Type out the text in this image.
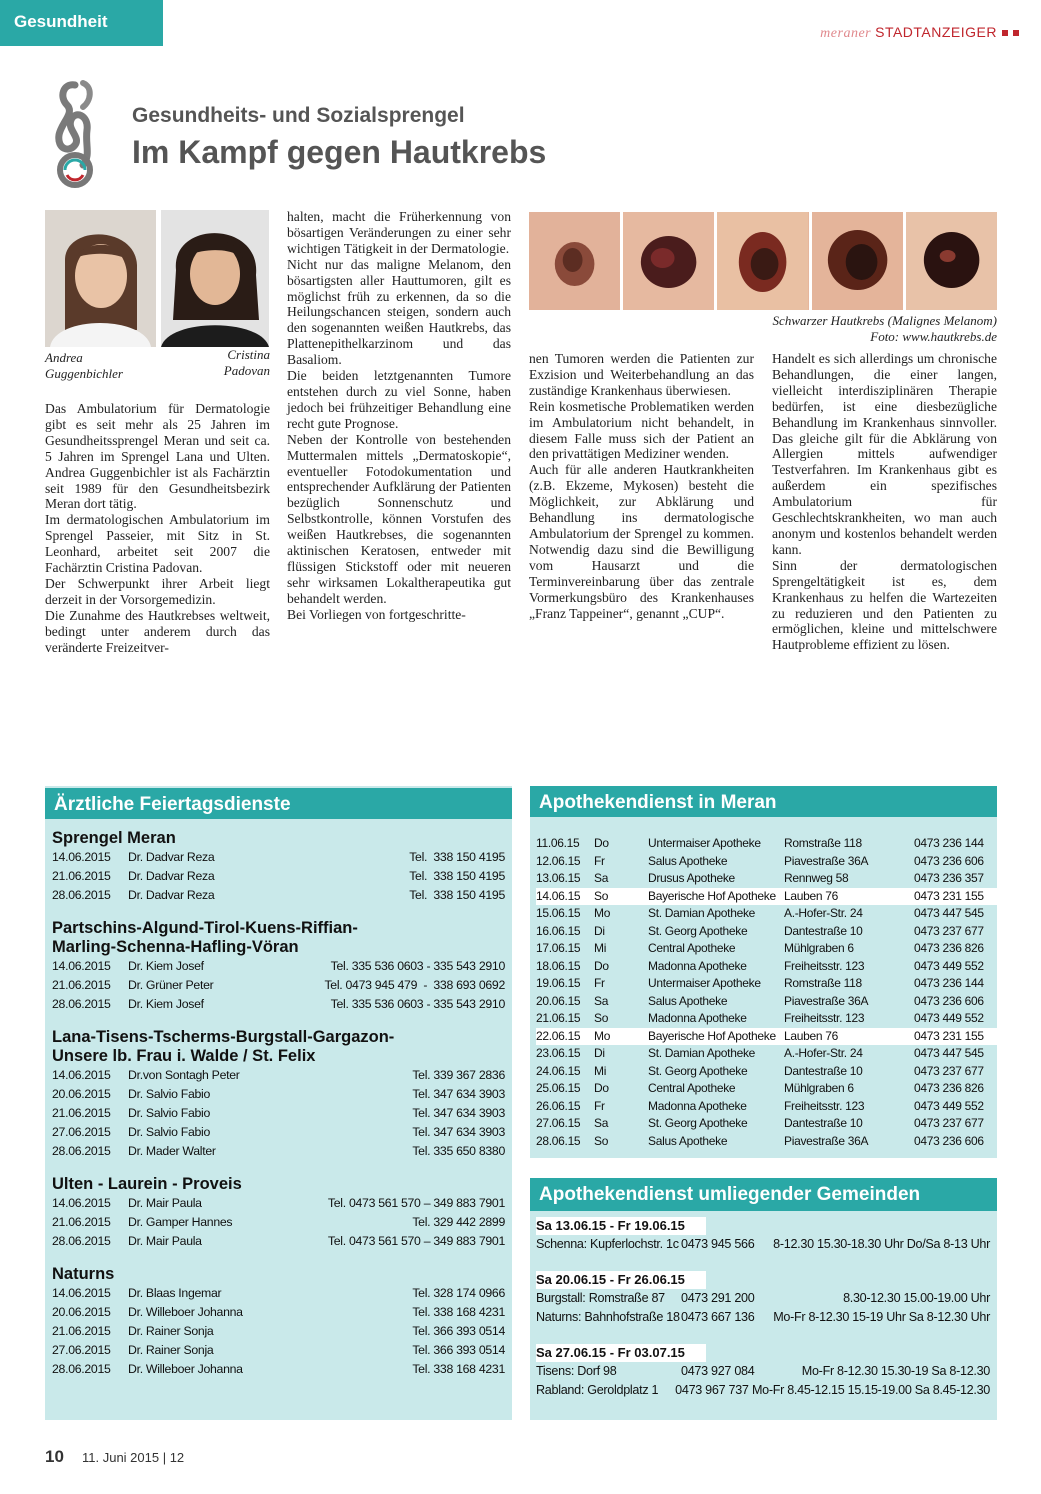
Gesundheit
meraner STADTANZEIGER
Gesundheits- und Sozialsprengel
Im Kampf gegen Hautkrebs
Andrea
Guggenbichler
Cristina
Padovan

Das Ambulatorium für Dermatologie gibt es seit mehr als 25 Jahren im Gesundheitssprengel Meran und seit ca. 5 Jahren im Sprengel Lana und Ulten. Andrea Guggenbichler ist als Fachärztin seit 1989 für den Gesundheitsbezirk Meran dort tätig.

Im dermatologischen Ambulatorium im Sprengel Passeier, mit Sitz in St. Leonhard, arbeitet seit 2007 die Fachärztin Cristina Padovan.

Der Schwerpunkt ihrer Arbeit liegt derzeit in der Vorsorgemedizin.

Die Zunahme des Hautkrebses weltweit, bedingt unter anderem durch das veränderte Freizeitver-

halten, macht die Früherkennung von bösartigen Veränderungen zu einer sehr wichtigen Tätigkeit in der Dermatologie.

Nicht nur das maligne Melanom, den bösartigsten aller Hauttumoren, gilt es möglichst früh zu erkennen, da so die Heilungschancen steigen, sondern auch den sogenannten weißen Hautkrebs, das Plattenepithelkarzinom und das Basaliom.

Die beiden letztgenannten Tumore entstehen durch zu viel Sonne, haben jedoch bei frühzeitiger Behandlung eine recht gute Prognose.

Neben der Kontrolle von bestehenden Muttermalen mittels „Dermatoskopie“, eventueller Fotodokumentation und entsprechender Aufklärung der Patienten bezüglich Sonnenschutz und Selbstkontrolle, können Vorstufen des weißen Hautkrebses, die sogenannten aktinischen Keratosen, entweder mit flüssigen Stickstoff oder mit neueren sehr wirksamen Lokaltherapeutika gut behandelt werden.

Bei Vorliegen von fortgeschritte-

Schwarzer Hautkrebs (Malignes Melanom)
Foto: www.hautkrebs.de

nen Tumoren werden die Patienten zur Exzision und Weiterbehandlung an das zuständige Krankenhaus überwiesen.

Rein kosmetische Problematiken werden im Ambulatorium nicht behandelt, in diesem Falle muss sich der Patient an den privattätigen Mediziner wenden.

Auch für alle anderen Hautkrankheiten (z.B. Ekzeme, Mykosen) besteht die Möglichkeit, zur Abklärung und Behandlung ins dermatologische Ambulatorium der Sprengel zu kommen. Notwendig dazu sind die Bewilligung vom Hausarzt und die Terminvereinbarung über das zentrale Vormerkungsbüro des Krankenhauses „Franz Tappeiner“, genannt „CUP“.

Handelt es sich allerdings um chronische Behandlungen, die einer langen, vielleicht interdisziplinären Therapie bedürfen, ist eine diesbezügliche Behandlung im Krankenhaus sinnvoller. Das gleiche gilt für die Abklärung von Allergien mittels aufwendiger Testverfahren. Im Krankenhaus gibt es außerdem ein spezifisches Ambulatorium für Geschlechtskrankheiten, wo man auch anonym und kostenlos behandelt werden kann.

Sinn der dermatologischen Sprengeltätigkeit ist es, dem Krankenhaus zu helfen die Wartezeiten zu reduzieren und den Patienten zu ermöglichen, kleine und mittelschwere Hautprobleme effizient zu lösen.

Ärztliche Feiertagsdienste
Sprengel Meran
14.06.2015	Dr. Dadvar Reza	Tel.  338 150 4195
21.06.2015	Dr. Dadvar Reza	Tel.  338 150 4195
28.06.2015	Dr. Dadvar Reza	Tel.  338 150 4195
Partschins-Algund-Tirol-Kuens-Riffian-
Marling-Schenna-Hafling-Vöran
14.06.2015	Dr. Kiem Josef	Tel. 335 536 0603 - 335 543 2910
21.06.2015	Dr. Grüner Peter	Tel. 0473 945 479  -  338 693 0692
28.06.2015	Dr. Kiem Josef	Tel. 335 536 0603 - 335 543 2910
Lana-Tisens-Tscherms-Burgstall-Gargazon-
Unsere lb. Frau i. Walde / St. Felix
14.06.2015	Dr.von Sontagh Peter	Tel. 339 367 2836
20.06.2015	Dr. Salvio Fabio	Tel. 347 634 3903
21.06.2015	Dr. Salvio Fabio	Tel. 347 634 3903
27.06.2015	Dr. Salvio Fabio	Tel. 347 634 3903
28.06.2015	Dr. Mader Walter	Tel. 335 650 8380
Ulten - Laurein - Proveis
14.06.2015	Dr. Mair Paula	Tel. 0473 561 570 – 349 883 7901
21.06.2015	Dr. Gamper Hannes	Tel. 329 442 2899
28.06.2015	Dr. Mair Paula	Tel. 0473 561 570 – 349 883 7901
Naturns
14.06.2015	Dr. Blaas Ingemar	Tel. 328 174 0966
20.06.2015	Dr. Willeboer Johanna	Tel. 338 168 4231
21.06.2015	Dr. Rainer Sonja	Tel. 366 393 0514
27.06.2015	Dr. Rainer Sonja	Tel. 366 393 0514
28.06.2015	Dr. Willeboer Johanna	Tel. 338 168 4231
Apothekendienst in Meran
11.06.15	Do	Untermaiser Apotheke	Romstraße 118	0473 236 144
12.06.15	Fr	Salus Apotheke	Piavestraße 36A	0473 236 606
13.06.15	Sa	Drusus Apotheke	Rennweg 58	0473 236 357
14.06.15	So	Bayerische Hof Apotheke Lauben 76	0473 231 155
15.06.15	Mo	St. Damian Apotheke	A.-Hofer-Str. 24	0473 447 545
16.06.15	Di	St. Georg Apotheke	Dantestraße 10	0473 237 677
17.06.15	Mi	Central Apotheke	Mühlgraben 6	0473 236 826
18.06.15	Do	Madonna Apotheke	Freiheitsstr. 123	0473 449 552
19.06.15	Fr	Untermaiser Apotheke	Romstraße 118	0473 236 144
20.06.15	Sa	Salus Apotheke	Piavestraße 36A	0473 236 606
21.06.15	So	Madonna Apotheke	Freiheitsstr. 123	0473 449 552
22.06.15	Mo	Bayerische Hof Apotheke Lauben 76	0473 231 155
23.06.15	Di	St. Damian Apotheke	A.-Hofer-Str. 24	0473 447 545
24.06.15	Mi	St. Georg Apotheke	Dantestraße 10	0473 237 677
25.06.15	Do	Central Apotheke	Mühlgraben 6	0473 236 826
26.06.15	Fr	Madonna Apotheke	Freiheitsstr. 123	0473 449 552
27.06.15	Sa	St. Georg Apotheke	Dantestraße 10	0473 237 677
28.06.15	So	Salus Apotheke	Piavestraße 36A	0473 236 606
Apothekendienst umliegender Gemeinden
Sa 13.06.15 - Fr 19.06.15
Schenna: Kupferlochstr. 1c 0473 945 566	8-12.30 15.30-18.30 Uhr Do/Sa 8-13 Uhr
Sa 20.06.15 - Fr 26.06.15
Burgstall: Romstraße 87	0473 291 200	8.30-12.30 15.00-19.00 Uhr
Naturns: Bahnhofstraße 18 0473 667 136	Mo-Fr 8-12.30 15-19 Uhr Sa 8-12.30 Uhr
Sa 27.06.15 - Fr 03.07.15
Tisens: Dorf 98	0473 927 084	Mo-Fr 8-12.30 15.30-19 Sa 8-12.30
Rabland: Geroldplatz 1	0473 967 737 Mo-Fr 8.45-12.15 15.15-19.00 Sa 8.45-12.30
10 11. Juni 2015 | 12
